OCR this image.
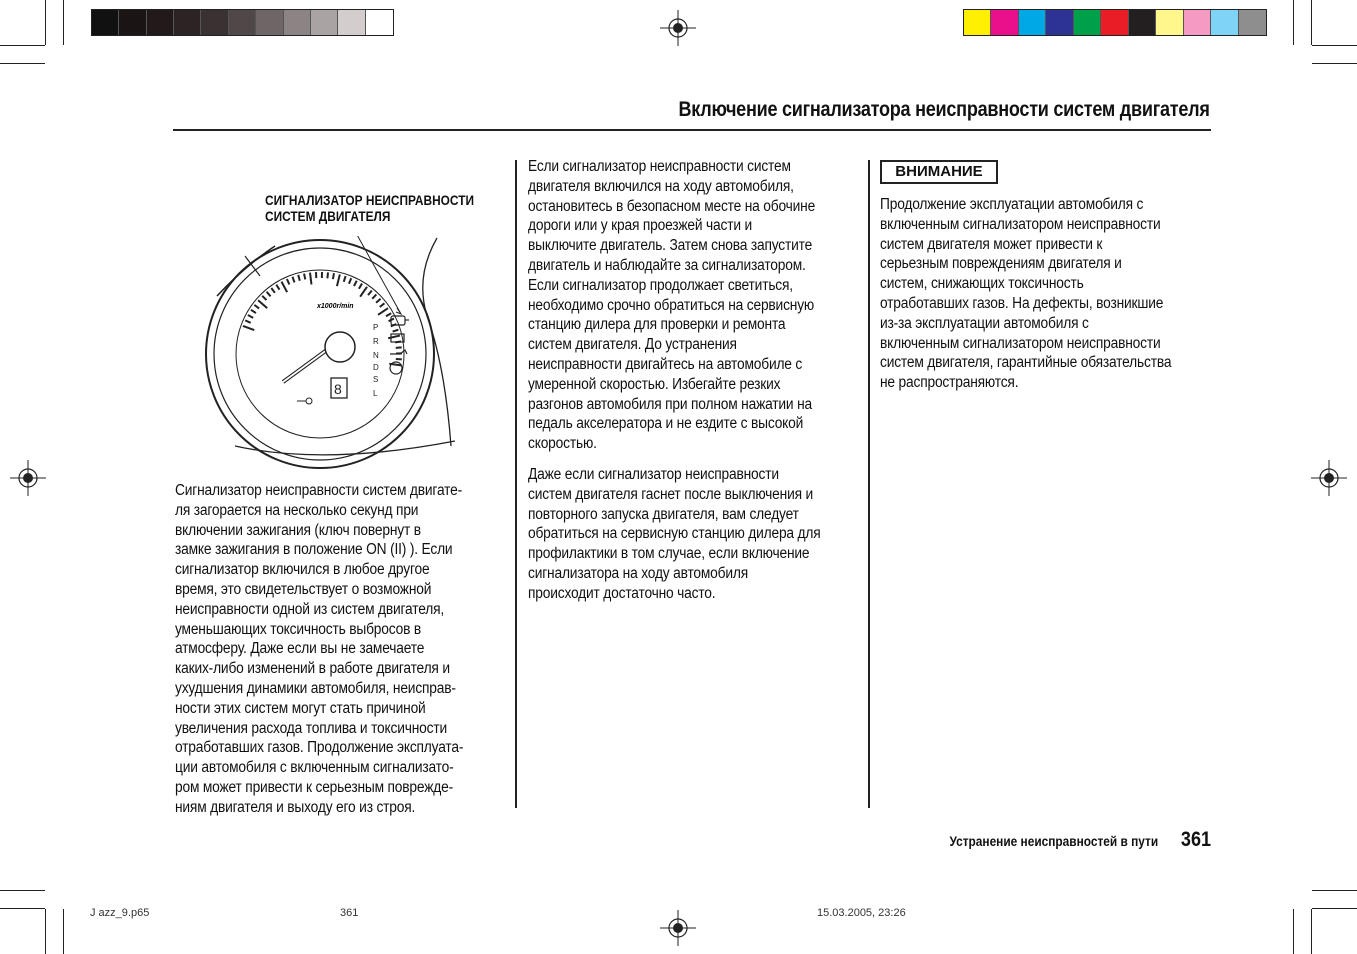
Включение сигнализатора неисправности систем двигателя
СИГНАЛИЗАТОР НЕИСПРАВНОСТИ
СИСТЕМ ДВИГАТЕЛЯ
x1000r/min
P
R
N
D
S
L
8

Сигнализатор неисправности систем двигате-
ля загорается на несколько секунд при
включении зажигания (ключ повернут в
замке зажигания в положение ON (II) ). Если
сигнализатор включился в любое другое
время, это свидетельствует о возможной
неисправности одной из систем двигателя,
уменьшающих токсичность выбросов в
атмосферу. Даже если вы не замечаете
каких-либо изменений в работе двигателя и
ухудшения динамики автомобиля, неисправ-
ности этих систем могут стать причиной
увеличения расхода топлива и токсичности
отработавших газов. Продолжение эксплуата-
ции автомобиля с включенным сигнализато-
ром может привести к серьезным поврежде-
ниям двигателя и выходу его из строя.

Если сигнализатор неисправности систем
двигателя включился на ходу автомобиля,
остановитесь в безопасном месте на обочине
дороги или у края проезжей части и
выключите двигатель. Затем снова запустите
двигатель и наблюдайте за сигнализатором.
Если сигнализатор продолжает светиться,
необходимо срочно обратиться на сервисную
станцию дилера для проверки и ремонта
систем двигателя. До устранения
неисправности двигайтесь на автомобиле с
умеренной скоростью. Избегайте резких
разгонов автомобиля при полном нажатии на
педаль акселератора и не ездите с высокой
скоростью.

Даже если сигнализатор неисправности
систем двигателя гаснет после выключения и
повторного запуска двигателя, вам следует
обратиться на сервисную станцию дилера для
профилактики в том случае, если включение
сигнализатора на ходу автомобиля
происходит достаточно часто.

ВНИМАНИЕ

Продолжение эксплуатации автомобиля с
включенным сигнализатором неисправности
систем двигателя может привести к
серьезным повреждениям двигателя и
систем, снижающих токсичность
отработавших газов. На дефекты, возникшие
из-за эксплуатации автомобиля с
включенным сигнализатором неисправности
систем двигателя, гарантийные обязательства
не распространяются.

Устранение неисправностей в пути 361
J azz_9.p65	361	15.03.2005, 23:26
